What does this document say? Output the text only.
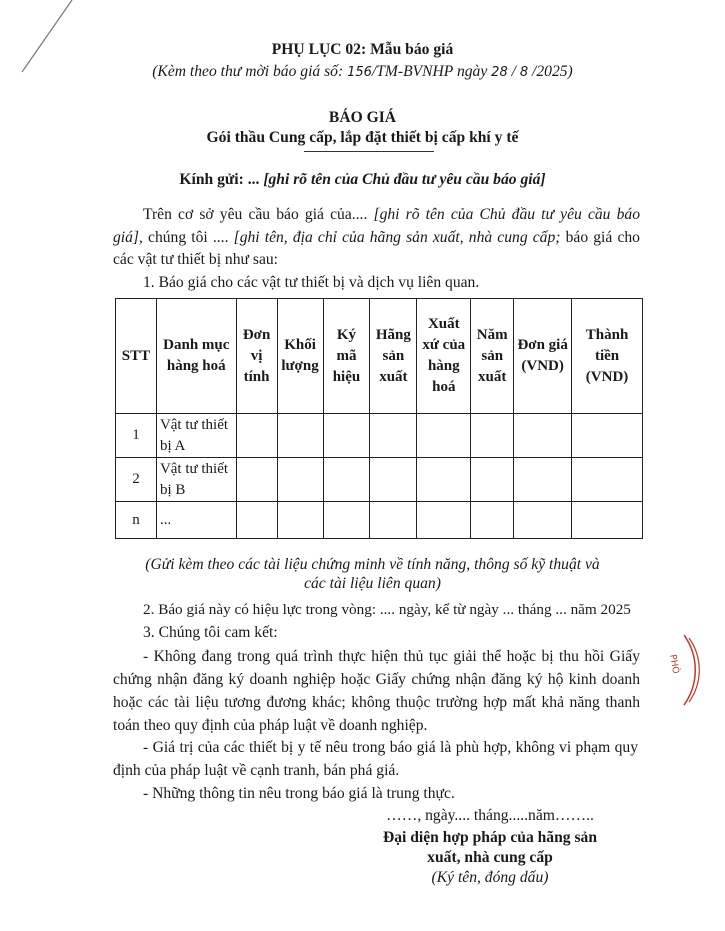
PHỤ LỤC 02: Mẫu báo giá
(Kèm theo thư mời báo giá số: 156/TM-BVNHP ngày 28 / 8 /2025)
BÁO GIÁ
Gói thầu Cung cấp, lắp đặt thiết bị cấp khí y tế
Kính gửi: ... [ghi rõ tên của Chủ đầu tư yêu cầu báo giá]
Trên cơ sở yêu cầu báo giá của.... [ghi rõ tên của Chủ đầu tư yêu cầu báo
giá], chúng tôi .... [ghi tên, địa chỉ của hãng sản xuất, nhà cung cấp; báo giá cho
các vật tư thiết bị như sau:
1. Báo giá cho các vật tư thiết bị và dịch vụ liên quan.
STT	Danh mục hàng hoá	Đơn vị tính	Khối lượng	Ký mã hiệu	Hãng sản xuất	Xuất xứ của hàng hoá	Năm sản xuất	Đơn giá (VND)	Thành tiền (VND)
1	Vật tư thiết bị A								
2	Vật tư thiết bị B								
n	...								
(Gửi kèm theo các tài liệu chứng minh về tính năng, thông số kỹ thuật và
các tài liệu liên quan)
2. Báo giá này có hiệu lực trong vòng: .... ngày, kể từ ngày ... tháng ... năm 2025
3. Chúng tôi cam kết:
- Không đang trong quá trình thực hiện thủ tục giải thể hoặc bị thu hồi Giấy
chứng nhận đăng ký doanh nghiệp hoặc Giấy chứng nhận đăng ký hộ kinh doanh
hoặc các tài liệu tương đương khác; không thuộc trường hợp mất khả năng thanh
toán theo quy định của pháp luật về doanh nghiệp.
- Giá trị của các thiết bị y tế nêu trong báo giá là phù hợp, không vi phạm quy
định của pháp luật về cạnh tranh, bán phá giá.
- Những thông tin nêu trong báo giá là trung thực.
……, ngày.... tháng.....năm……..
Đại diện hợp pháp của hãng sản
xuất, nhà cung cấp
(Ký tên, đóng dấu)
PHÒ
